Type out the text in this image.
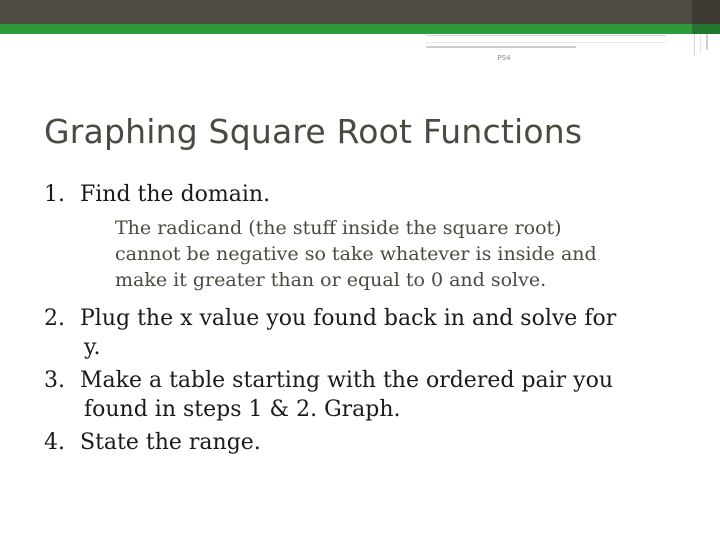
PS4
Graphing Square Root Functions
1. Find the domain.
The radicand (the stuff inside the square root)
cannot be negative so take whatever is inside and
make it greater than or equal to 0 and solve.
2. Plug the x value you found back in and solve for
y.
3. Make a table starting with the ordered pair you
found in steps 1 & 2. Graph.
4. State the range.
